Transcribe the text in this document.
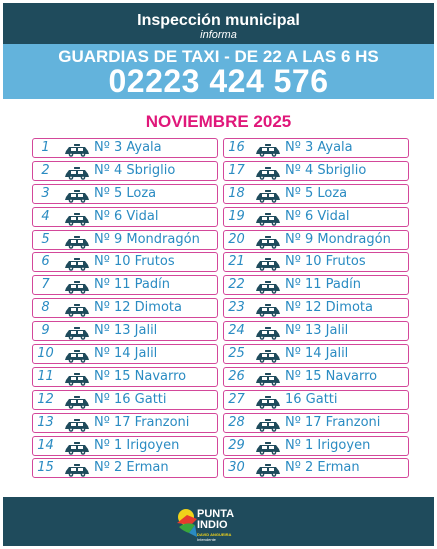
Inspección municipal
informa
GUARDIAS DE TAXI - DE 22 A LAS 6 HS
02223 424 576
NOVIEMBRE 2025
1	Nº 3 Ayala
2	Nº 4 Sbriglio
3	Nº 5 Loza
4	Nº 6 Vidal
5	Nº 9 Mondragón
6	Nº 10 Frutos
7	Nº 11 Padín
8	Nº 12 Dimota
9	Nº 13 Jalil
10	Nº 14 Jalil
11	Nº 15 Navarro
12	Nº 16 Gatti
13	Nº 17 Franzoni
14	Nº 1 Irigoyen
15	Nº 2 Erman
16	Nº 3 Ayala
17	Nº 4 Sbriglio
18	Nº 5 Loza
19	Nº 6 Vidal
20	Nº 9 Mondragón
21	Nº 10 Frutos
22	Nº 11 Padín
23	Nº 12 Dimota
24	Nº 13 Jalil
25	Nº 14 Jalil
26	Nº 15 Navarro
27	16 Gatti
28	Nº 17 Franzoni
29	Nº 1 Irigoyen
30	Nº 2 Erman
PUNTA
INDIO
DAVID ANGUEIRA
Intendente
